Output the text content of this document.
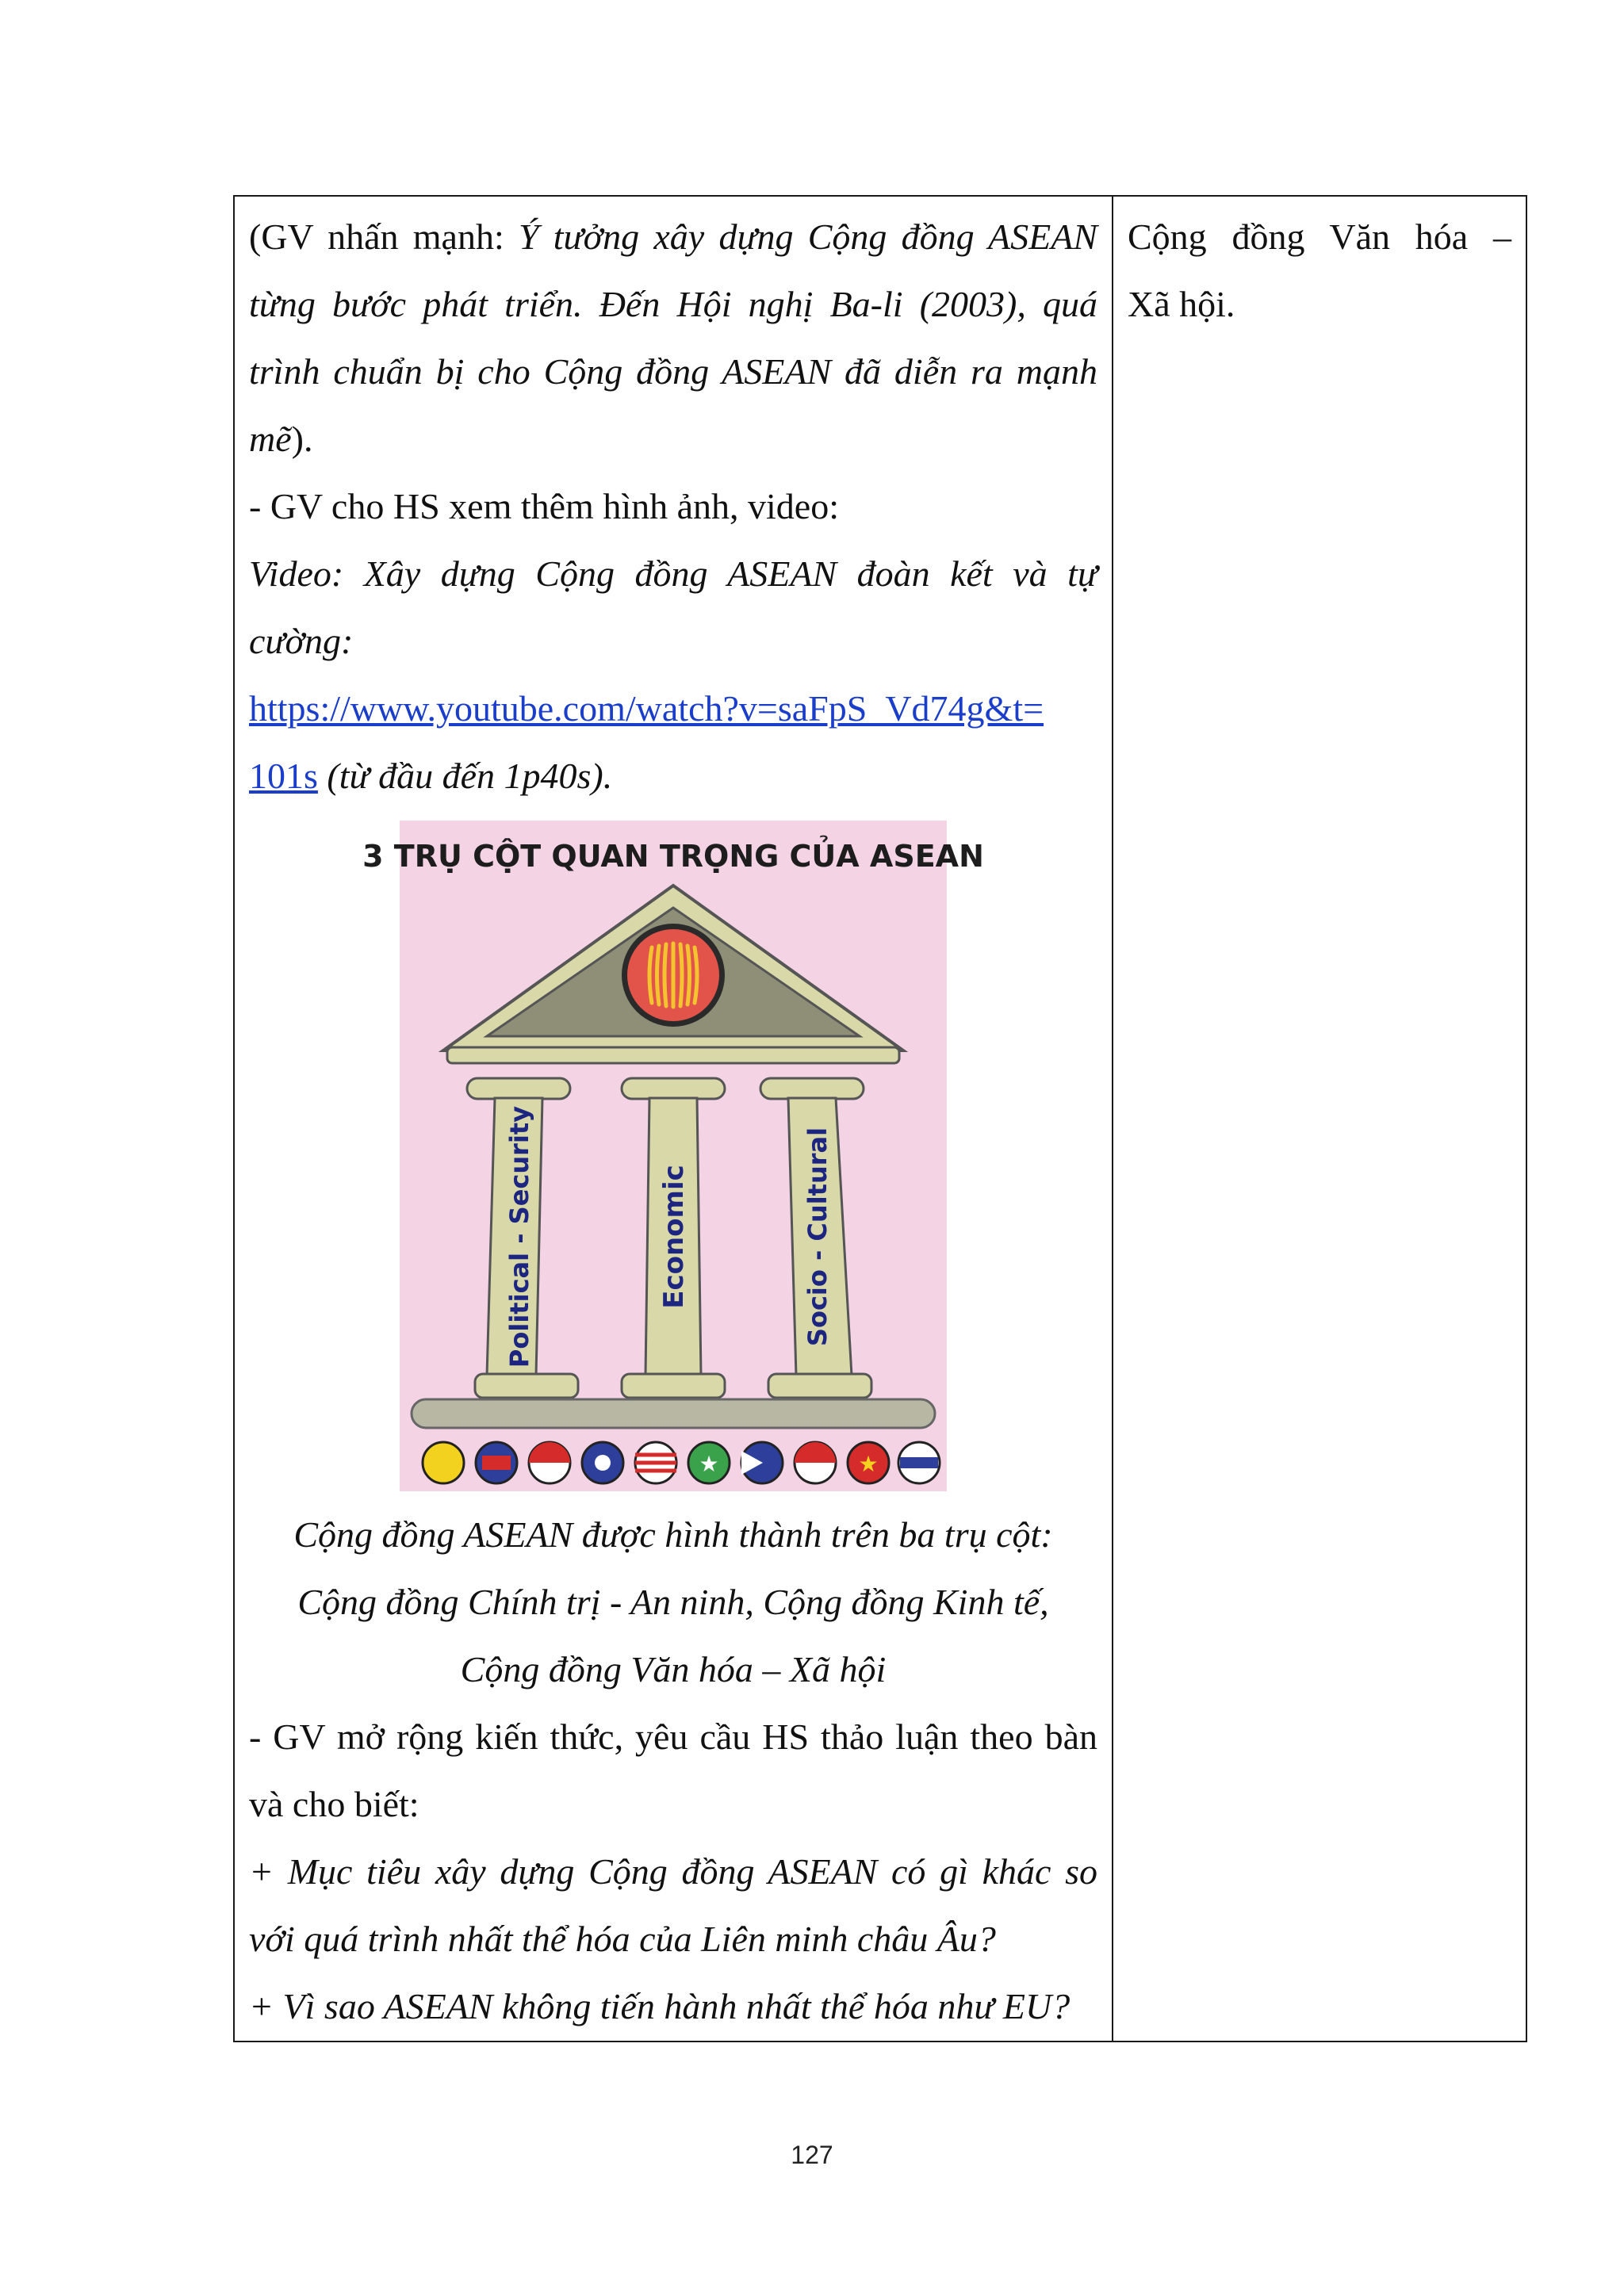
(GV nhấn mạnh: Ý tưởng xây dựng Cộng đồng ASEAN
từng bước phát triển. Đến Hội nghị Ba-li (2003), quá
trình chuẩn bị cho Cộng đồng ASEAN đã diễn ra mạnh
mẽ).
- GV cho HS xem thêm hình ảnh, video:
Video: Xây dựng Cộng đồng ASEAN đoàn kết và tự
cường:
https://www.youtube.com/watch?v=saFpS_Vd74g&t=
101s (từ đầu đến 1p40s).
3 TRỤ CỘT QUAN TRỌNG CỦA ASEAN
Political - Security	Economic	Socio - Cultural
★	★
Cộng đồng ASEAN được hình thành trên ba trụ cột:
Cộng đồng Chính trị - An ninh, Cộng đồng Kinh tế,
Cộng đồng Văn hóa – Xã hội
- GV mở rộng kiến thức, yêu cầu HS thảo luận theo bàn
và cho biết:
+ Mục tiêu xây dựng Cộng đồng ASEAN có gì khác so
với quá trình nhất thể hóa của Liên minh châu Âu?
+ Vì sao ASEAN không tiến hành nhất thể hóa như EU?

Cộng đồng Văn hóa –
Xã hội.
127
